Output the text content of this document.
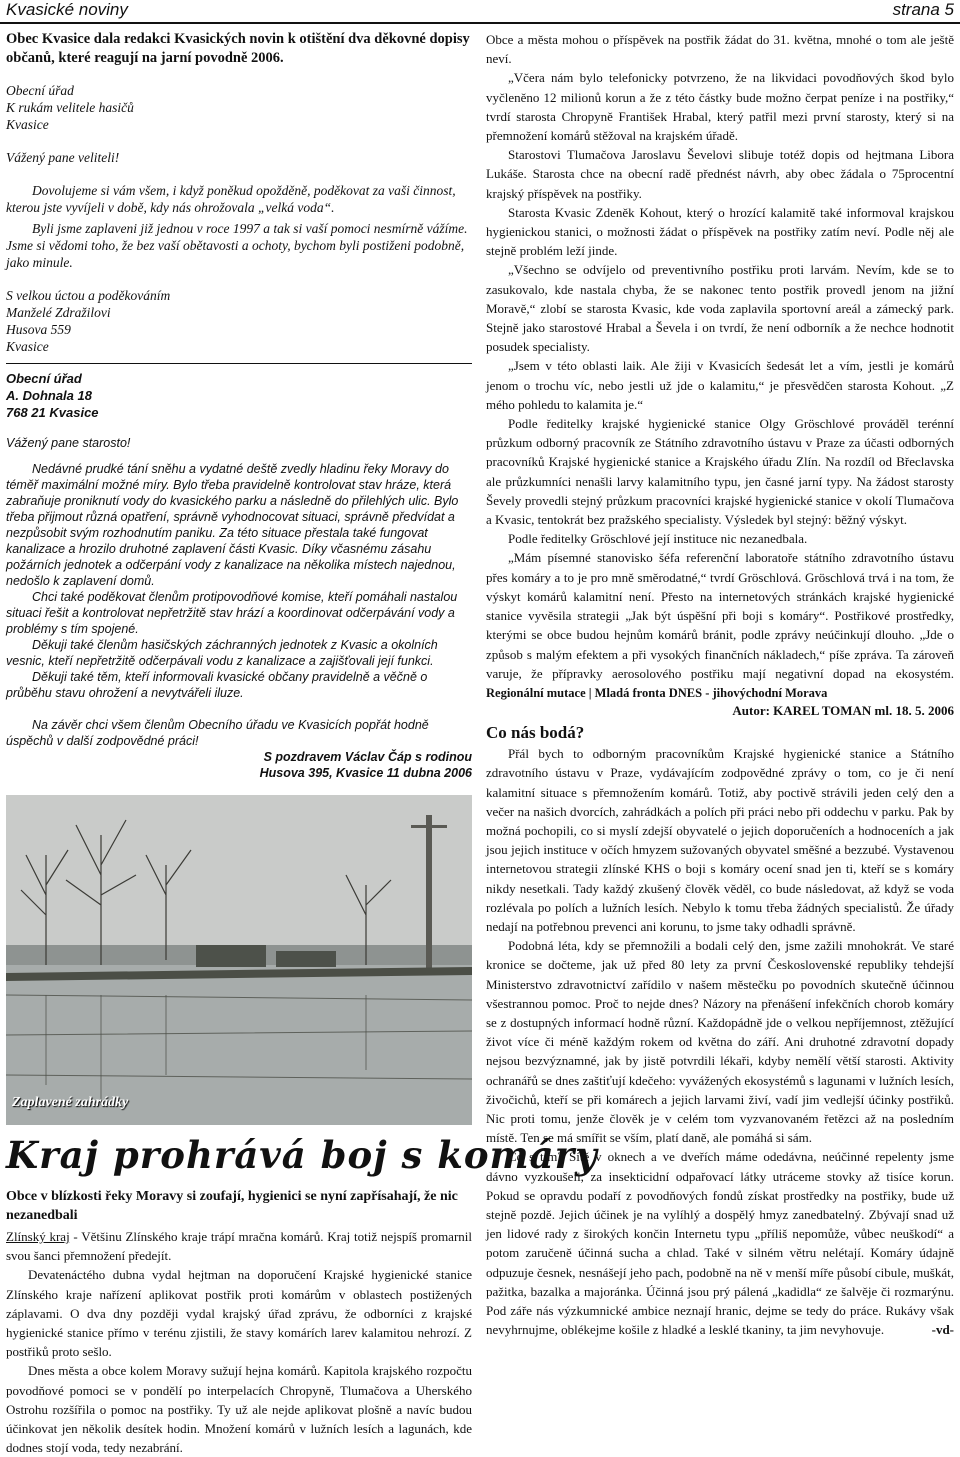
Kvasické noviny	strana 5
Obec Kvasice dala redakci Kvasických novin k otištění dva děkovné dopisy občanů, které reagují na jarní povodně 2006.

Obecní úřad

K rukám velitele hasičů

Kvasice

Vážený pane veliteli!

Dovolujeme si vám všem, i když poněkud opožděně, poděkovat za vaši činnost, kterou jste vyvíjeli v době, kdy nás ohrožovala „velká voda“.

Byli jsme zaplaveni již jednou v roce 1997 a tak si vaší pomoci nesmírně vážíme. Jsme si vědomi toho, že bez vaší obětavosti a ochoty, bychom byli postiženi podobně, jako minule.

S velkou úctou a poděkováním

Manželé Zdražilovi

Husova 559

Kvasice

Obecní úřad

A. Dohnala 18

768 21 Kvasice

Vážený pane starosto!

Nedávné prudké tání sněhu a vydatné deště zvedly hladinu řeky Moravy do téměř maximální možné míry. Bylo třeba pravidelně kontrolovat stav hráze, která zabraňuje proniknutí vody do kvasického parku a následně do přilehlých ulic. Bylo třeba přijmout různá opatření, správně vyhodnocovat situaci, správně předvídat a nezpůsobit svým rozhodnutím paniku. Za této situace přestala také fungovat kanalizace a hrozilo druhotné zaplavení části Kvasic. Díky včasnému zásahu požárních jednotek a odčerpání vody z kanalizace na několika místech najednou, nedošlo k zaplavení domů.

Chci také poděkovat členům protipovodňové komise, kteří pomáhali nastalou situaci řešit a kontrolovat nepřetržitě stav hrází a koordinovat odčerpávání vody a problémy s tím spojené.

Děkuji také členům hasičských záchranných jednotek z Kvasic a okolních vesnic, kteří nepřetržitě odčerpávali vodu z kanalizace a zajišťovali její funkci.

Děkuji také těm, kteří informovali kvasické občany pravidelně a věčně o průběhu stavu ohrožení a nevytvářeli iluze.

Na závěr chci všem členům Obecního úřadu ve Kvasicích popřát hodně úspěchů v další zodpovědné práci!

S pozdravem Václav Čáp s rodinou

Husova 395, Kvasice 11 dubna 2006

Zaplavené zahrádky
Kraj prohrává boj s komáry
Obce v blízkosti řeky Moravy si zoufají, hygienici se nyní zapřísahají, že nic nezanedbali

Zlínský kraj - Většinu Zlínského kraje trápí mračna komárů. Kraj totiž nejspíš promarnil svou šanci přemnožení předejít.

Devatenáctého dubna vydal hejtman na doporučení Krajské hygienické stanice Zlínského kraje nařízení aplikovat postřik proti komárům v oblastech postižených záplavami. O dva dny později vydal krajský úřad zprávu, že odborníci z krajské hygienické stanice přímo v terénu zjistili, že stavy komárích larev kalamitou nehrozí. Z postřiků proto sešlo.

Dnes města a obce kolem Moravy sužují hejna komárů. Kapitola krajského rozpočtu povodňové pomoci se v pondělí po interpelacích Chropyně, Tlumačova a Uherského Ostrohu rozšířila o pomoc na postřiky. Ty už ale nejde aplikovat plošně a navíc budou účinkovat jen několik desítek hodin. Množení komárů v lužních lesích a lagunách, kde dodnes stojí voda, tedy nezabrání.

Obce a města mohou o příspěvek na postřik žádat do 31. května, mnohé o tom ale ještě neví.

„Včera nám bylo telefonicky potvrzeno, že na likvidaci povodňových škod bylo vyčleněno 12 milionů korun a že z této částky bude možno čerpat peníze i na postřiky,“ tvrdí starosta Chropyně František Hrabal, který patřil mezi první starosty, který si na přemnožení komárů stěžoval na krajském úřadě.

Starostovi Tlumačova Jaroslavu Ševelovi slibuje totéž dopis od hejtmana Libora Lukáše. Starosta chce na obecní radě přednést návrh, aby obec žádala o 75procentní krajský příspěvek na postřiky.

Starosta Kvasic Zdeněk Kohout, který o hrozící kalamitě také informoval krajskou hygienickou stanici, o možnosti žádat o příspěvek na postřiky zatím neví. Podle něj ale stejně problém leží jinde.

„Všechno se odvíjelo od preventivního postřiku proti larvám. Nevím, kde se to zasukovalo, kde nastala chyba, že se nakonec tento postřik provedl jenom na jižní Moravě,“ zlobí se starosta Kvasic, kde voda zaplavila sportovní areál a zámecký park. Stejně jako starostové Hrabal a Ševela i on tvrdí, že není odborník a že nechce hodnotit posudek specialisty.

„Jsem v této oblasti laik. Ale žiji v Kvasicích šedesát let a vím, jestli je komárů jenom o trochu víc, nebo jestli už jde o kalamitu,“ je přesvědčen starosta Kohout. „Z mého pohledu to kalamita je.“

Podle ředitelky krajské hygienické stanice Olgy Gröschlové prováděl terénní průzkum odborný pracovník ze Státního zdravotního ústavu v Praze za účasti odborných pracovníků Krajské hygienické stanice a Krajského úřadu Zlín. Na rozdíl od Břeclavska ale průzkumníci nenašli larvy kalamitního typu, jen časné jarní typy. Na žádost starosty Ševely provedli stejný průzkum pracovníci krajské hygienické stanice v okolí Tlumačova a Kvasic, tentokrát bez pražského specialisty. Výsledek byl stejný: běžný výskyt.

Podle ředitelky Gröschlové její instituce nic nezanedbala.

„Mám písemné stanovisko šéfa referenční laboratoře státního zdravotního ústavu přes komáry a to je pro mně směrodatné,“ tvrdí Gröschlová. Gröschlová trvá i na tom, že výskyt komárů kalamitní není. Přesto na internetových stránkách krajské hygienické stanice vyvěsila strategii „Jak být úspěšní při boji s komáry“. Postřikové prostředky, kterými se obce budou hejnům komárů bránit, podle zprávy neúčinkují dlouho. „Jde o způsob s malým efektem a při vysokých finančních nákladech,“ píše zpráva. Ta zároveň varuje, že přípravky aerosolového postřiku mají negativní dopad na ekosystém. Regionální mutace | Mladá fronta DNES - jihovýchodní Morava

Autor: KAREL TOMAN ml. 18. 5. 2006
Co nás bodá?

Přál bych to odborným pracovníkům Krajské hygienické stanice a Státního zdravotního ústavu v Praze, vydávajícím zodpovědné zprávy o tom, co je či není kalamitní situace s přemnožením komárů. Totiž, aby poctivě strávili jeden celý den a večer na našich dvorcích, zahrádkách a polích při práci nebo při oddechu v parku. Pak by možná pochopili, co si myslí zdejší obyvatelé o jejich doporučeních a hodnoceních a jak jsou jejich instituce v očích hmyzem sužovaných obyvatel směšné a bezzubé. Vystavenou internetovou strategii zlínské KHS o boji s komáry ocení snad jen ti, kteří se s komáry nikdy nesetkali. Tady každý zkušený člověk věděl, co bude následovat, až když se voda rozlévala po polích a lužních lesích. Nebylo k tomu třeba žádných specialistů. Že úřady nedají na potřebnou prevenci ani korunu, to jsme taky odhadli správně.

Podobná léta, kdy se přemnožili a bodali celý den, jsme zažili mnohokrát. Ve staré kronice se dočteme, jak už před 80 lety za první Československé republiky tehdejší Ministerstvo zdravotnictví zařídilo v našem městečku po povodních skutečně účinnou všestrannou pomoc. Proč to nejde dnes? Názory na přenášení infekčních chorob komáry se z dostupných informací hodně různí. Každopádně jde o velkou nepříjemnost, ztěžující život více či méně každým rokem od května do září. Ani druhotné zdravotní dopady nejsou bezvýznamné, jak by jistě potvrdili lékaři, kdyby nemělí větší starosti. Aktivity ochranářů se dnes zaštiťují kdečeho: vyvážených ekosystémů s lagunami v lužních lesích, živočichů, kteří se při komárech a jejich larvami živí, vadí jim vedlejší účinky postřiků. Nic proti tomu, jenže člověk je v celém tom vyzvanovaném řetězci až na posledním místě. Ten se má smířit se vším, platí daně, ale pomáhá si sám.

Co s tím? Sítě v oknech a ve dveřích máme odedávna, neúčinné repelenty jsme dávno vyzkoušeli, za insekticidní odpařovací látky utráceme stovky až tisíce korun. Pokud se opravdu podaří z povodňových fondů získat prostředky na postřiky, bude už stejně pozdě. Jejich účinek je na vylíhlý a dospělý hmyz zanedbatelný. Zbývají snad už jen lidové rady z širokých končin Internetu typu „příliš nepomůže, vůbec neuškodí“ a potom zaručeně účinná sucha a chlad. Také v silném větru nelétají. Komáry údajně odpuzuje česnek, nesnášejí jeho pach, podobně na ně v menší míře působí cibule, muškát, pažitka, bazalka a majoránka. Účinná jsou prý pálená „kadidla“ ze šalvěje či rozmarýnu. Pod záře nás výzkumnické ambice neznají hranic, dejme se tedy do práce. Rukávy však nevyhrnujme, oblékejme košile z hladké a lesklé tkaniny, ta jim nevyhovuje.	-vd-
